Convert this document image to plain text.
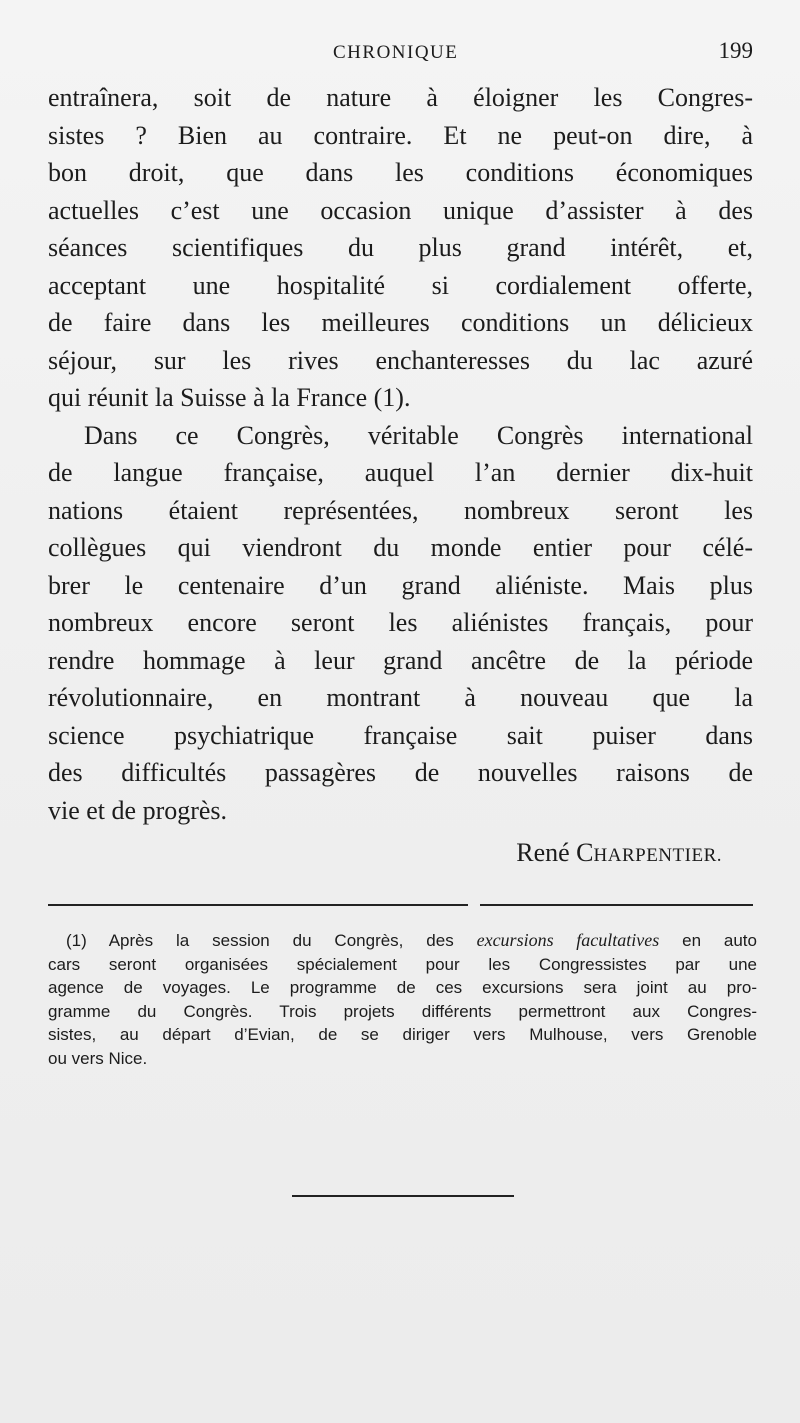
CHRONIQUE	199
entraînera, soit de nature à éloigner les Congres-
sistes ? Bien au contraire. Et ne peut-on dire, à
bon droit, que dans les conditions économiques
actuelles c’est une occasion unique d’assister à des
séances scientifiques du plus grand intérêt, et,
acceptant une hospitalité si cordialement offerte,
de faire dans les meilleures conditions un délicieux
séjour, sur les rives enchanteresses du lac azuré
qui réunit la Suisse à la France (1).
Dans ce Congrès, véritable Congrès international
de langue française, auquel l’an dernier dix-huit
nations étaient représentées, nombreux seront les
collègues qui viendront du monde entier pour célé-
brer le centenaire d’un grand aliéniste. Mais plus
nombreux encore seront les aliénistes français, pour
rendre hommage à leur grand ancêtre de la période
révolutionnaire, en montrant à nouveau que la
science psychiatrique française sait puiser dans
des difficultés passagères de nouvelles raisons de
vie et de progrès.
René CHARPENTIER.
(1) Après la session du Congrès, des excursions facultatives en auto
cars seront organisées spécialement pour les Congressistes par une
agence de voyages. Le programme de ces excursions sera joint au pro-
gramme du Congrès. Trois projets différents permettront aux Congres-
sistes, au départ d’Evian, de se diriger vers Mulhouse, vers Grenoble
ou vers Nice.
